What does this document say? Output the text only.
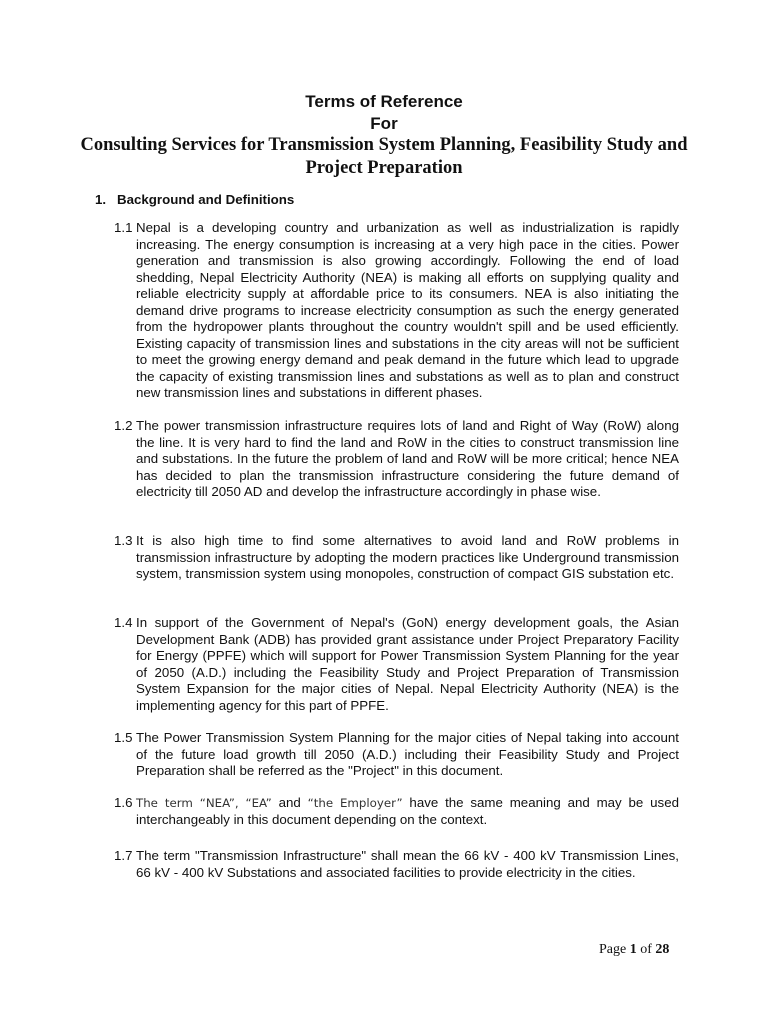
Terms of Reference
For
Consulting Services for Transmission System Planning, Feasibility Study and
Project Preparation
1. Background and Definitions
1.1 Nepal is a developing country and urbanization as well as industrialization is rapidly increasing. The energy consumption is increasing at a very high pace in the cities. Power generation and transmission is also growing accordingly. Following the end of load shedding, Nepal Electricity Authority (NEA) is making all efforts on supplying quality and reliable electricity supply at affordable price to its consumers. NEA is also initiating the demand drive programs to increase electricity consumption as such the energy generated from the hydropower plants throughout the country wouldn't spill and be used efficiently. Existing capacity of transmission lines and substations in the city areas will not be sufficient to meet the growing energy demand and peak demand in the future which lead to upgrade the capacity of existing transmission lines and substations as well as to plan and construct new transmission lines and substations in different phases.
1.2 The power transmission infrastructure requires lots of land and Right of Way (RoW) along the line. It is very hard to find the land and RoW in the cities to construct transmission line and substations. In the future the problem of land and RoW will be more critical; hence NEA has decided to plan the transmission infrastructure considering the future demand of electricity till 2050 AD and develop the infrastructure accordingly in phase wise.
1.3 It is also high time to find some alternatives to avoid land and RoW problems in transmission infrastructure by adopting the modern practices like Underground transmission system, transmission system using monopoles, construction of compact GIS substation etc.
1.4 In support of the Government of Nepal's (GoN) energy development goals, the Asian Development Bank (ADB) has provided grant assistance under Project Preparatory Facility for Energy (PPFE) which will support for Power Transmission System Planning for the year of 2050 (A.D.) including the Feasibility Study and Project Preparation of Transmission System Expansion for the major cities of Nepal. Nepal Electricity Authority (NEA) is the implementing agency for this part of PPFE.
1.5 The Power Transmission System Planning for the major cities of Nepal taking into account of the future load growth till 2050 (A.D.) including their Feasibility Study and Project Preparation shall be referred as the "Project" in this document.
1.6 The term “NEA”, “EA” and “the Employer” have the same meaning and may be used interchangeably in this document depending on the context.
1.7 The term "Transmission Infrastructure" shall mean the 66 kV - 400 kV Transmission Lines, 66 kV - 400 kV Substations and associated facilities to provide electricity in the cities.
Page 1 of 28
